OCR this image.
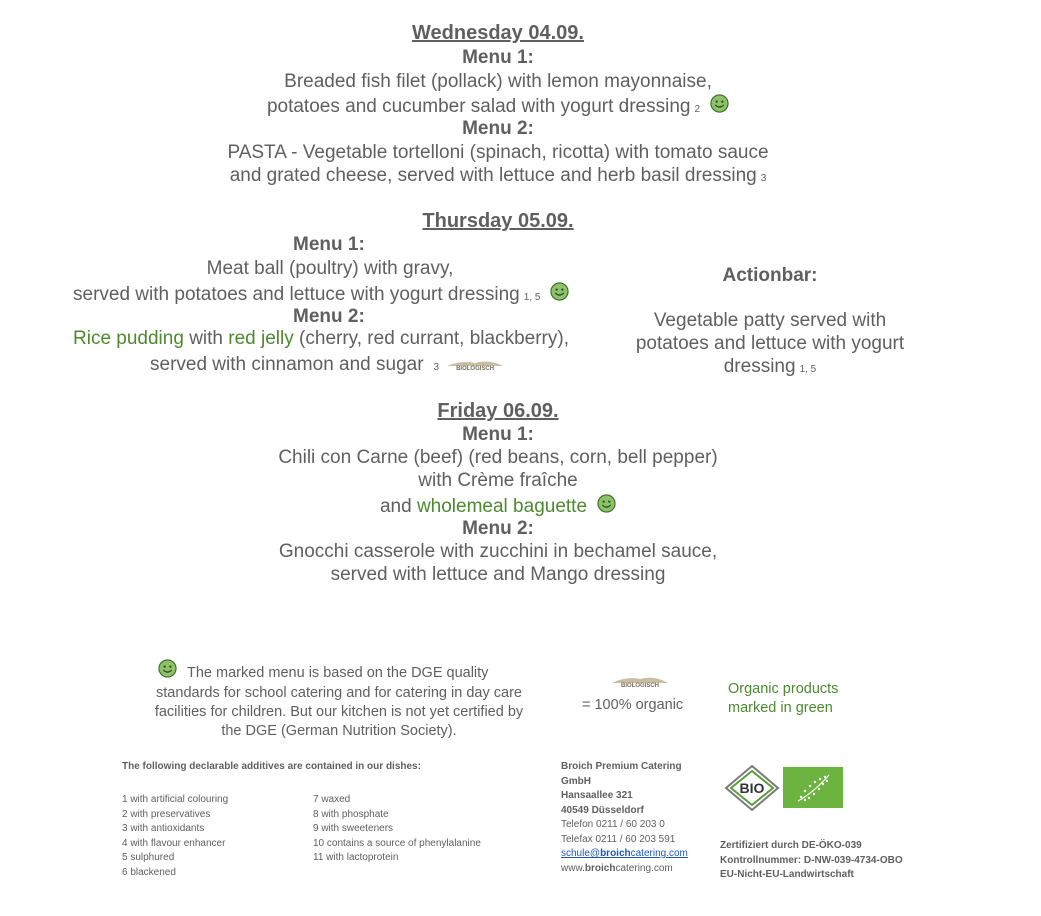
Wednesday 04.09.
Menu 1:
Breaded fish filet (pollack) with lemon mayonnaise,
potatoes and cucumber salad with yogurt dressing 2
Menu 2:
PASTA - Vegetable tortelloni (spinach, ricotta) with tomato sauce
and grated cheese, served with lettuce and herb basil dressing 3
Thursday 05.09.
Menu 1:
Meat ball (poultry) with gravy,
served with potatoes and lettuce with yogurt dressing 1, 5
Menu 2:
Rice pudding with red jelly (cherry, red currant, blackberry),
served with cinnamon and sugar 3	BIOLOGISCH
Actionbar:
Vegetable patty served with
potatoes and lettuce with yogurt
dressing 1, 5
Friday 06.09.
Menu 1:
Chili con Carne (beef) (red beans, corn, bell pepper)
with Crème fraîche
and wholemeal baguette
Menu 2:
Gnocchi casserole with zucchini in bechamel sauce,
served with lettuce and Mango dressing
The marked menu is based on the DGE quality
standards for school catering and for catering in day care
facilities for children. But our kitchen is not yet certified by
the DGE (German Nutrition Society).
BIOLOGISCH
= 100% organic
Organic products
marked in green
The following declarable additives are contained in our dishes:
1 with artificial colouring
2 with preservatives
3 with antioxidants
4 with flavour enhancer
5 sulphured
6 blackened
7 waxed
8 with phosphate
9 with sweeteners
10 contains a source of phenylalanine
11 with lactoprotein
Broich Premium Catering
GmbH
Hansaallee 321
40549 Düsseldorf
Telefon 0211 / 60 203 0
Telefax 0211 / 60 203 591
schule@broichcatering.com
www.broichcatering.com
BIO
Zertifiziert durch DE-ÖKO-039
Kontrollnummer: D-NW-039-4734-OBO
EU-Nicht-EU-Landwirtschaft
